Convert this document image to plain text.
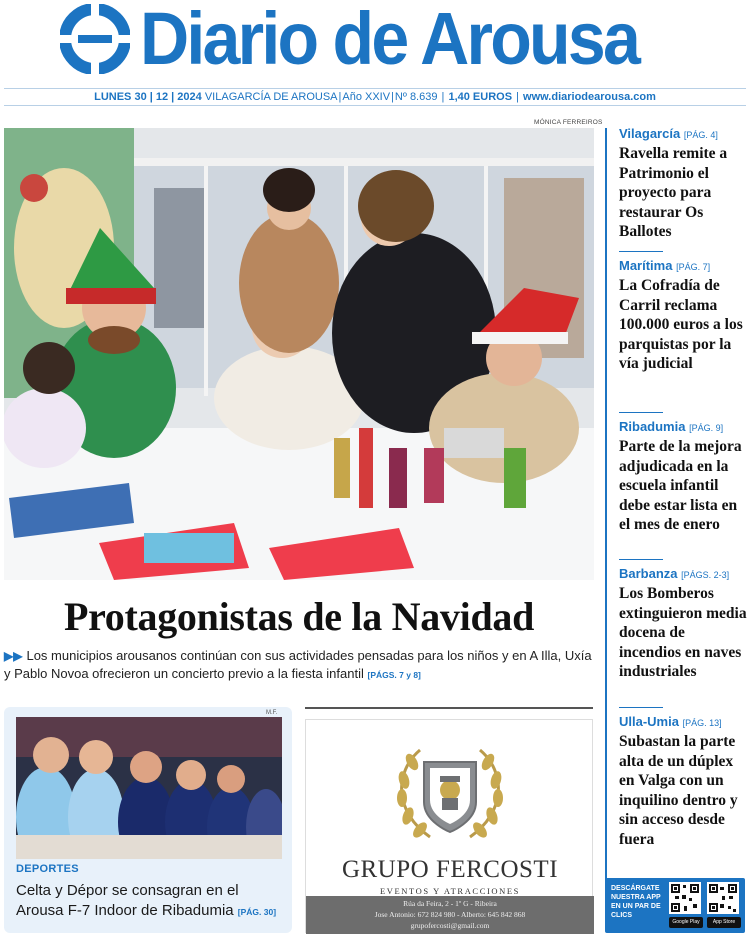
Diario de Arousa
LUNES 30 | 12 | 2024 VILAGARCÍA DE AROUSA|Año XXIV|Nº 8.639 | 1,40 EUROS | www.diariodearousa.com
MÓNICA FERREIROS
Protagonistas de la Navidad
▶▶ Los municipios arousanos continúan con sus actividades pensadas para los niños y en A Illa, Uxía y Pablo Novoa ofrecieron un concierto previo a la fiesta infantil [PÁGS. 7 y 8]
M.F.
DEPORTES
Celta y Dépor se consagran en el Arousa F-7 Indoor de Ribadumia [PÁG. 30]
GRUPO FERCOSTI
EVENTOS Y ATRACCIONES
Rúa da Feira, 2 - 1º G - Ribeira
Jose Antonio: 672 824 980 - Alberto: 645 842 868
grupofercosti@gmail.com
Vilagarcía [PÁG. 4]
Ravella remite a Patrimonio el proyecto para restaurar Os Ballotes
Marítima [PÁG. 7]
La Cofradía de Carril reclama 100.000 euros a los parquistas por la vía judicial
Ribadumia [PÁG. 9]
Parte de la mejora adjudicada en la escuela infantil debe estar lista en el mes de enero
Barbanza [PÁGS. 2-3]
Los Bomberos extinguieron media docena de incendios en naves industriales
Ulla-Umia [PÁG. 13]
Subastan la parte alta de un dúplex en Valga con un inquilino dentro y sin acceso desde fuera
DESCÁRGATE NUESTRA APP EN UN PAR DE CLICS
Google Play	App Store
